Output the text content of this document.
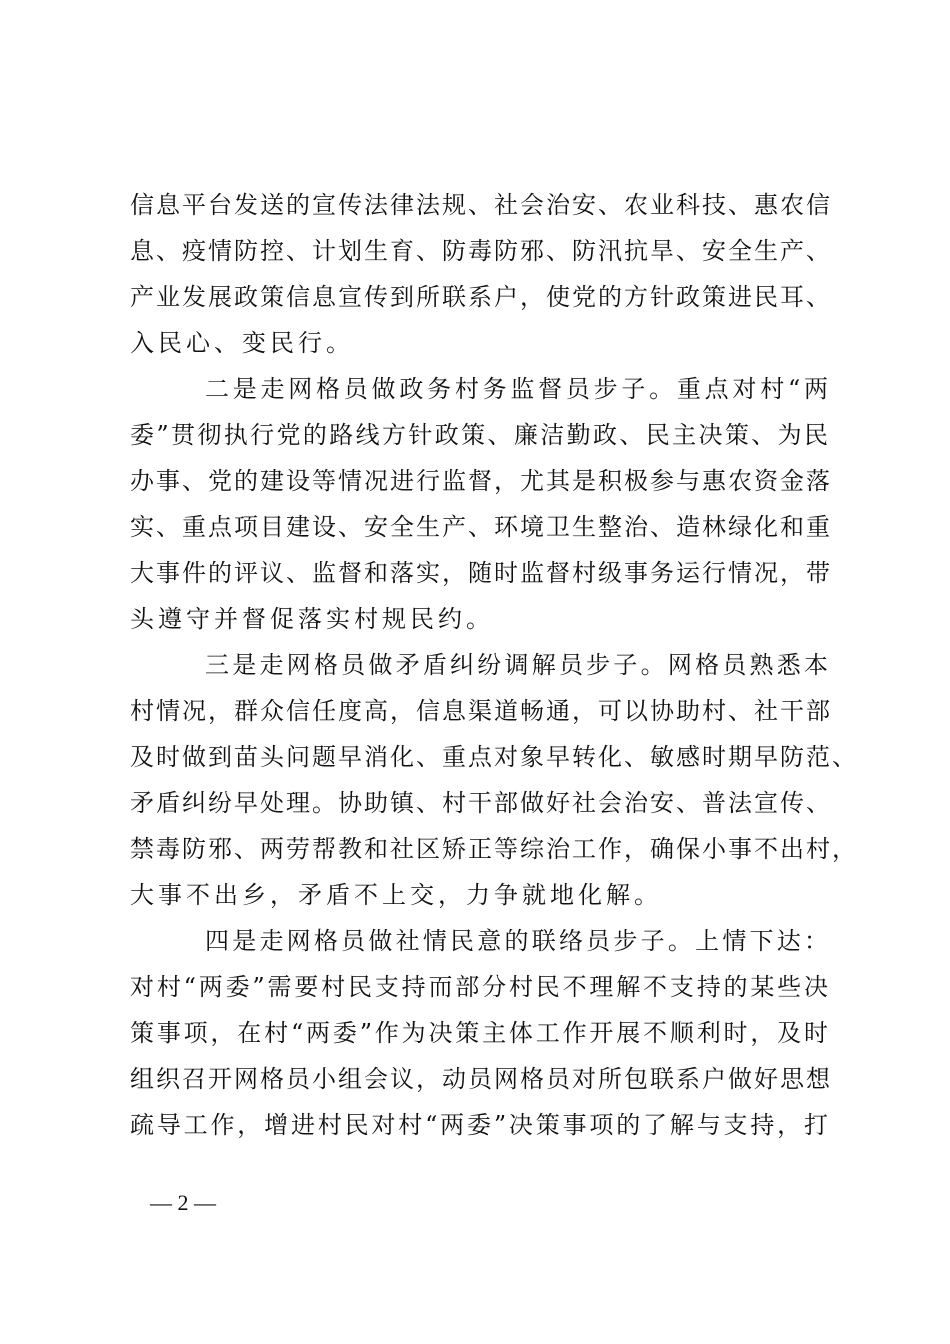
信息平台发送的宣传法律法规、社会治安、农业科技、惠农信
息、疫情防控、计划生育、防毒防邪、防汛抗旱、安全生产、
产业发展政策信息宣传到所联系户，使党的方针政策进民耳、
入民心、变民行。
二是走网格员做政务村务监督员步子。重点对村“两
委”贯彻执行党的路线方针政策、廉洁勤政、民主决策、为民
办事、党的建设等情况进行监督，尤其是积极参与惠农资金落
实、重点项目建设、安全生产、环境卫生整治、造林绿化和重
大事件的评议、监督和落实，随时监督村级事务运行情况，带
头遵守并督促落实村规民约。
三是走网格员做矛盾纠纷调解员步子。网格员熟悉本
村情况，群众信任度高，信息渠道畅通，可以协助村、社干部
及时做到苗头问题早消化、重点对象早转化、敏感时期早防范、
矛盾纠纷早处理。协助镇、村干部做好社会治安、普法宣传、
禁毒防邪、两劳帮教和社区矫正等综治工作，确保小事不出村，
大事不出乡，矛盾不上交，力争就地化解。
四是走网格员做社情民意的联络员步子。上情下达：
对村“两委”需要村民支持而部分村民不理解不支持的某些决
策事项，在村“两委”作为决策主体工作开展不顺利时，及时
组织召开网格员小组会议，动员网格员对所包联系户做好思想
疏导工作，增进村民对村“两委”决策事项的了解与支持，打
— 2 —
